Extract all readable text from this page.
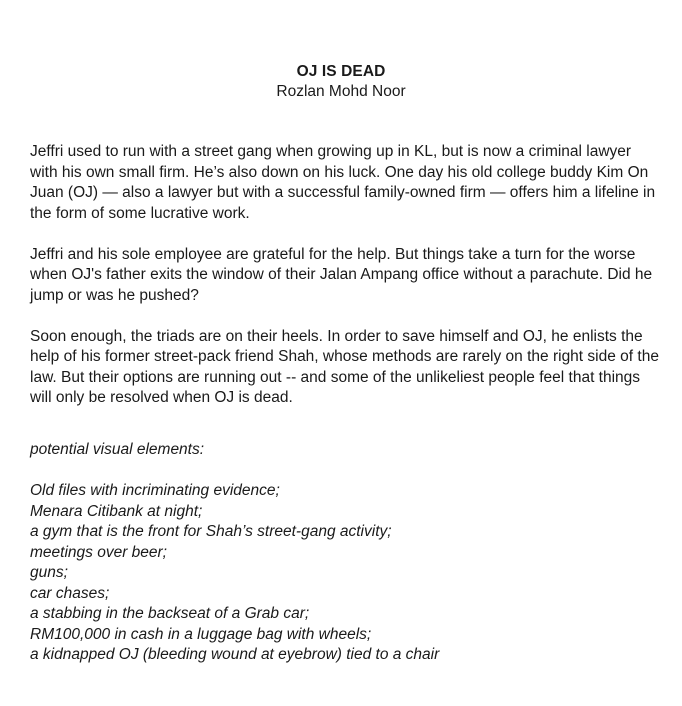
OJ IS DEAD
Rozlan Mohd Noor

Jeffri used to run with a street gang when growing up in KL, but is now a criminal lawyer with his own small firm. He’s also down on his luck. One day his old college buddy Kim On Juan (OJ) — also a lawyer but with a successful family-owned firm — offers him a lifeline in the form of some lucrative work.

Jeffri and his sole employee are grateful for the help. But things take a turn for the worse when OJ's father exits the window of their Jalan Ampang office without a parachute. Did he jump or was he pushed?

Soon enough, the triads are on their heels. In order to save himself and OJ, he enlists the help of his former street-pack friend Shah, whose methods are rarely on the right side of the law. But their options are running out -- and some of the unlikeliest people feel that things will only be resolved when OJ is dead.

potential visual elements:
Old files with incriminating evidence;
Menara Citibank at night;
a gym that is the front for Shah’s street-gang activity;
meetings over beer;
guns;
car chases;
a stabbing in the backseat of a Grab car;
RM100,000 in cash in a luggage bag with wheels;
a kidnapped OJ (bleeding wound at eyebrow) tied to a chair
